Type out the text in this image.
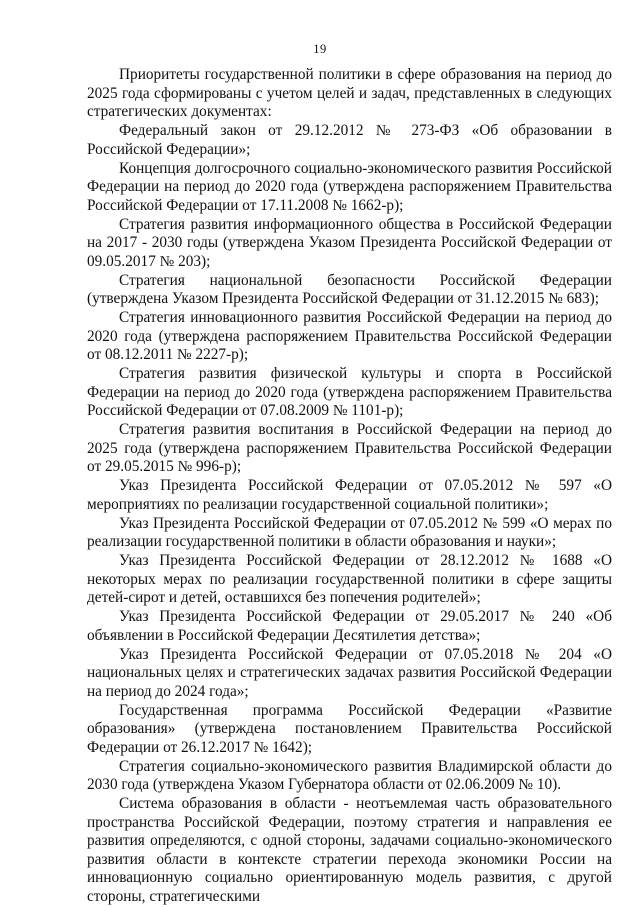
19

Приоритеты государственной политики в сфере образования на период до 2025 года сформированы с учетом целей и задач, представленных в следующих стратегических документах:

Федеральный закон от 29.12.2012 № 273-ФЗ «Об образовании в Российской Федерации»;

Концепция долгосрочного социально-экономического развития Российской Федерации на период до 2020 года (утверждена распоряжением Правительства Российской Федерации от 17.11.2008 № 1662-р);

Стратегия развития информационного общества в Российской Федерации на 2017 - 2030 годы (утверждена Указом Президента Российской Федерации от 09.05.2017 № 203);

Стратегия национальной безопасности Российской Федерации (утверждена Указом Президента Российской Федерации от 31.12.2015 № 683);

Стратегия инновационного развития Российской Федерации на период до 2020 года (утверждена распоряжением Правительства Российской Федерации от 08.12.2011 № 2227-р);

Стратегия развития физической культуры и спорта в Российской Федерации на период до 2020 года (утверждена распоряжением Правительства Российской Федерации от 07.08.2009 № 1101-р);

Стратегия развития воспитания в Российской Федерации на период до 2025 года (утверждена распоряжением Правительства Российской Федерации от 29.05.2015 № 996-р);

Указ Президента Российской Федерации от 07.05.2012 № 597 «О мероприятиях по реализации государственной социальной политики»;

Указ Президента Российской Федерации от 07.05.2012 № 599 «О мерах по реализации государственной политики в области образования и науки»;

Указ Президента Российской Федерации от 28.12.2012 № 1688 «О некоторых мерах по реализации государственной политики в сфере защиты детей-сирот и детей, оставшихся без попечения родителей»;

Указ Президента Российской Федерации от 29.05.2017 № 240 «Об объявлении в Российской Федерации Десятилетия детства»;

Указ Президента Российской Федерации от 07.05.2018 № 204 «О национальных целях и стратегических задачах развития Российской Федерации на период до 2024 года»;

Государственная программа Российской Федерации «Развитие образования» (утверждена постановлением Правительства Российской Федерации от 26.12.2017 № 1642);

Стратегия социально-экономического развития Владимирской области до 2030 года (утверждена Указом Губернатора области от 02.06.2009 № 10).

Система образования в области - неотъемлемая часть образовательного пространства Российской Федерации, поэтому стратегия и направления ее развития определяются, с одной стороны, задачами социально-экономического развития области в контексте стратегии перехода экономики России на инновационную социально ориентированную модель развития, с другой стороны, стратегическими
